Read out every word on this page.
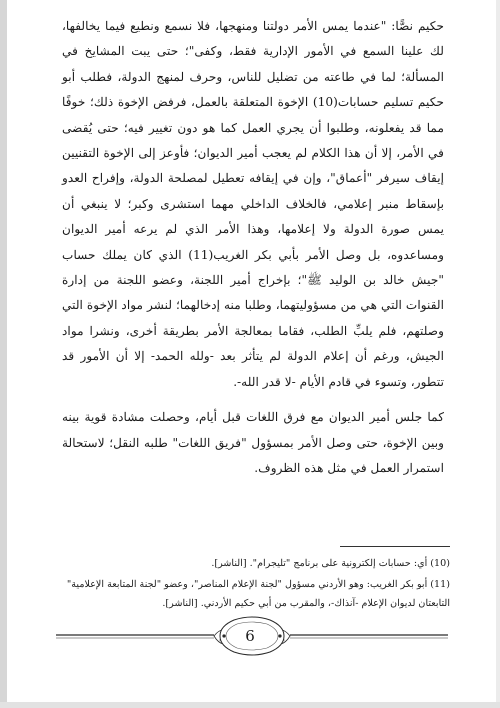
حكيم نصًّا: "عندما يمس الأمر دولتنا ومنهجها، فلا نسمع ونطيع فيما يخالفها، لك علينا السمع في الأمور الإدارية فقط، وكفى"؛ حتى يبت المشايخ في المسألة؛ لما في طاعته من تضليل للناس، وحرف لمنهج الدولة، فطلب أبو حكيم تسليم حسابات(10) الإخوة المتعلقة بالعمل، فرفض الإخوة ذلك؛ خوفًا مما قد يفعلونه، وطلبوا أن يجري العمل كما هو دون تغيير فيه؛ حتى يُقضى في الأمر، إلا أن هذا الكلام لم يعجب أمير الديوان؛ فأوعز إلى الإخوة التقنيين إيقاف سيرفر "أعماق"، وإن في إيقافه تعطيل لمصلحة الدولة، وإفراح العدو بإسقاط منبر إعلامي، فالخلاف الداخلي مهما استشرى وكبر؛ لا ينبغي أن يمس صورة الدولة ولا إعلامها، وهذا الأمر الذي لم يرعه أمير الديوان ومساعدوه، بل وصل الأمر بأبي بكر الغريب(11) الذي كان يملك حساب "جيش خالد بن الوليد ﷺ"؛ بإخراج أمير اللجنة، وعضو اللجنة من إدارة القنوات التي هي من مسؤوليتهما، وطلبا منه إدخالهما؛ لنشر مواد الإخوة التي وصلتهم، فلم يلبِّ الطلب، فقاما بمعالجة الأمر بطريقة أخرى، ونشرا مواد الجيش، ورغم أن إعلام الدولة لم يتأثر بعد -ولله الحمد- إلا أن الأمور قد تتطور، وتسوء في قادم الأيام -لا قدر الله-.

كما جلس أمير الديوان مع فرق اللغات قبل أيام، وحصلت مشادة قوية بينه وبين الإخوة، حتى وصل الأمر بمسؤول "فريق اللغات" طلبه النقل؛ لاستحالة استمرار العمل في مثل هذه الظروف.

(10) أي: حسابات إلكترونية على برنامج "تليجرام". [الناشر].

(11) أبو بكر الغريب: وهو الأردني مسؤول "لجنة الإعلام المناصر"، وعضو "لجنة المتابعة الإعلامية" التابعتان لديوان الإعلام -آنذاك-، والمقرب من أبي حكيم الأردني. [الناشر].

6
